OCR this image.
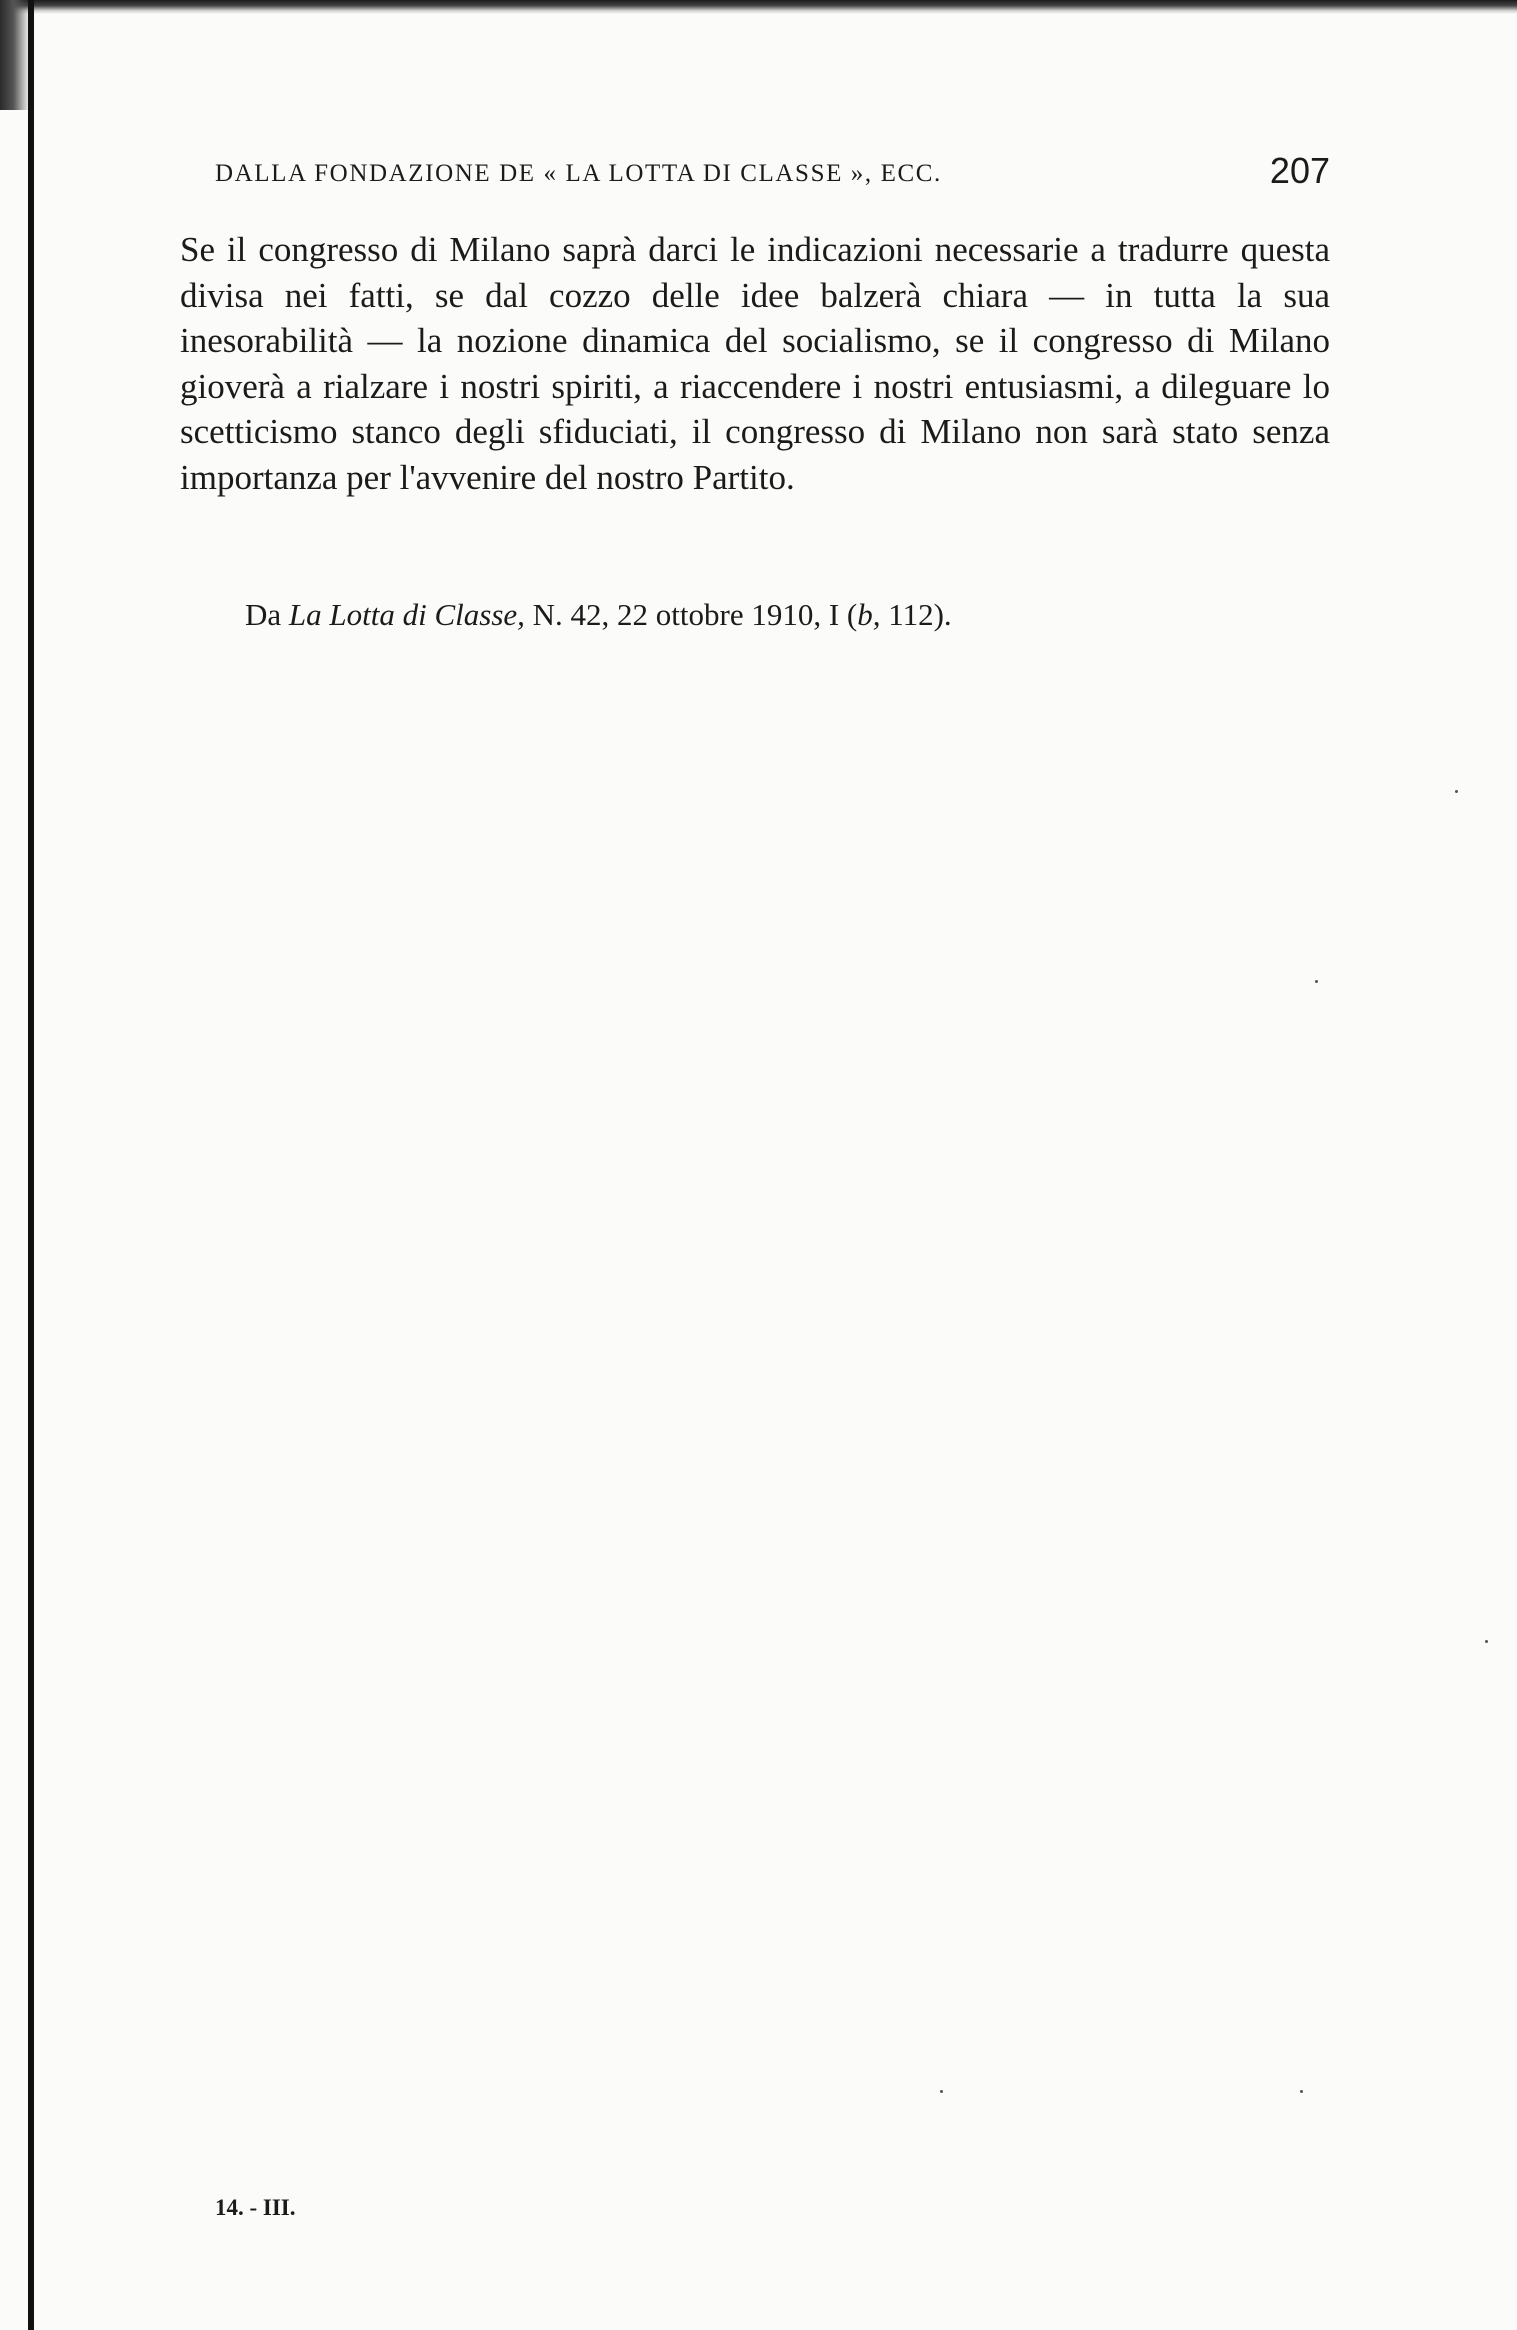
DALLA FONDAZIONE DE « LA LOTTA DI CLASSE », ECC.	207

Se il congresso di Milano saprà darci le indicazioni necessarie a tradurre questa divisa nei fatti, se dal cozzo delle idee balzerà chiara — in tutta la sua inesorabilità — la nozione dinamica del socialismo, se il congresso di Milano gioverà a rialzare i nostri spiriti, a riaccendere i nostri entusiasmi, a dileguare lo scetticismo stanco degli sfiduciati, il congresso di Milano non sarà stato senza importanza per l'avvenire del nostro Partito.

Da La Lotta di Classe, N. 42, 22 ottobre 1910, I (b, 112).
14. - III.
